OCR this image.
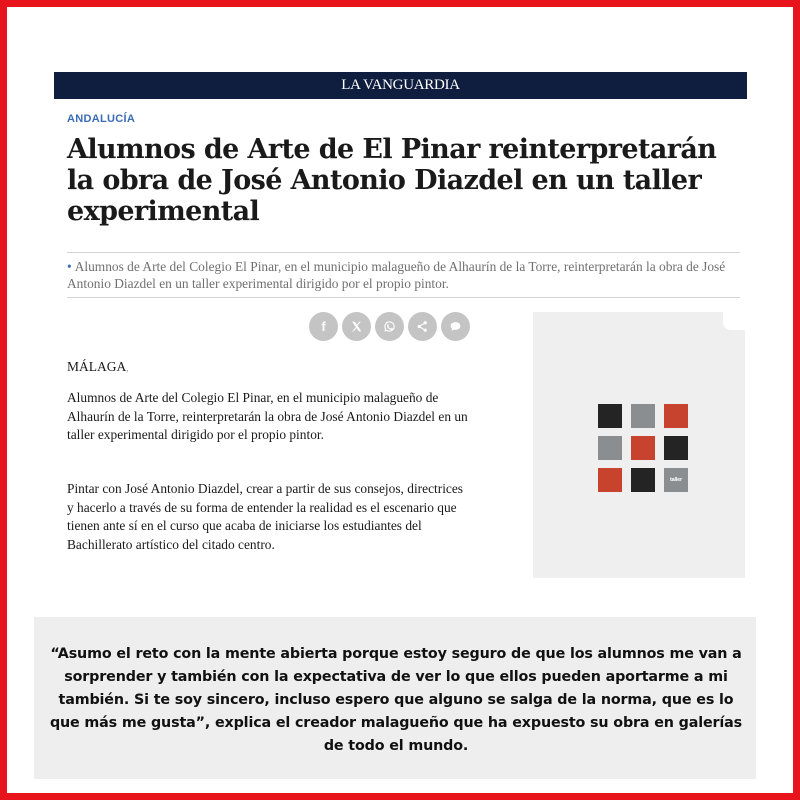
LA VANGUARDIA
ANDALUCÍA
Alumnos de Arte de El Pinar reinterpretarán la obra de José Antonio Diazdel en un taller experimental

• Alumnos de Arte del Colegio El Pinar, en el municipio malagueño de Alhaurín de la Torre, reinterpretarán la obra de José Antonio Diazdel en un taller experimental dirigido por el propio pintor.

f
MÁLAGA,

Alumnos de Arte del Colegio El Pinar, en el municipio malagueño de Alhaurín de la Torre, reinterpretarán la obra de José Antonio Diazdel en un taller experimental dirigido por el propio pintor.

Pintar con José Antonio Diazdel, crear a partir de sus consejos, directrices y hacerlo a través de su forma de entender la realidad es el escenario que tienen ante sí en el curso que acaba de iniciarse los estudiantes del Bachillerato artístico del citado centro.

taller

“Asumo el reto con la mente abierta porque estoy seguro de que los alumnos me van a sorprender y también con la expectativa de ver lo que ellos pueden aportarme a mi también. Si te soy sincero, incluso espero que alguno se salga de la norma, que es lo que más me gusta”, explica el creador malagueño que ha expuesto su obra en galerías de todo el mundo.
